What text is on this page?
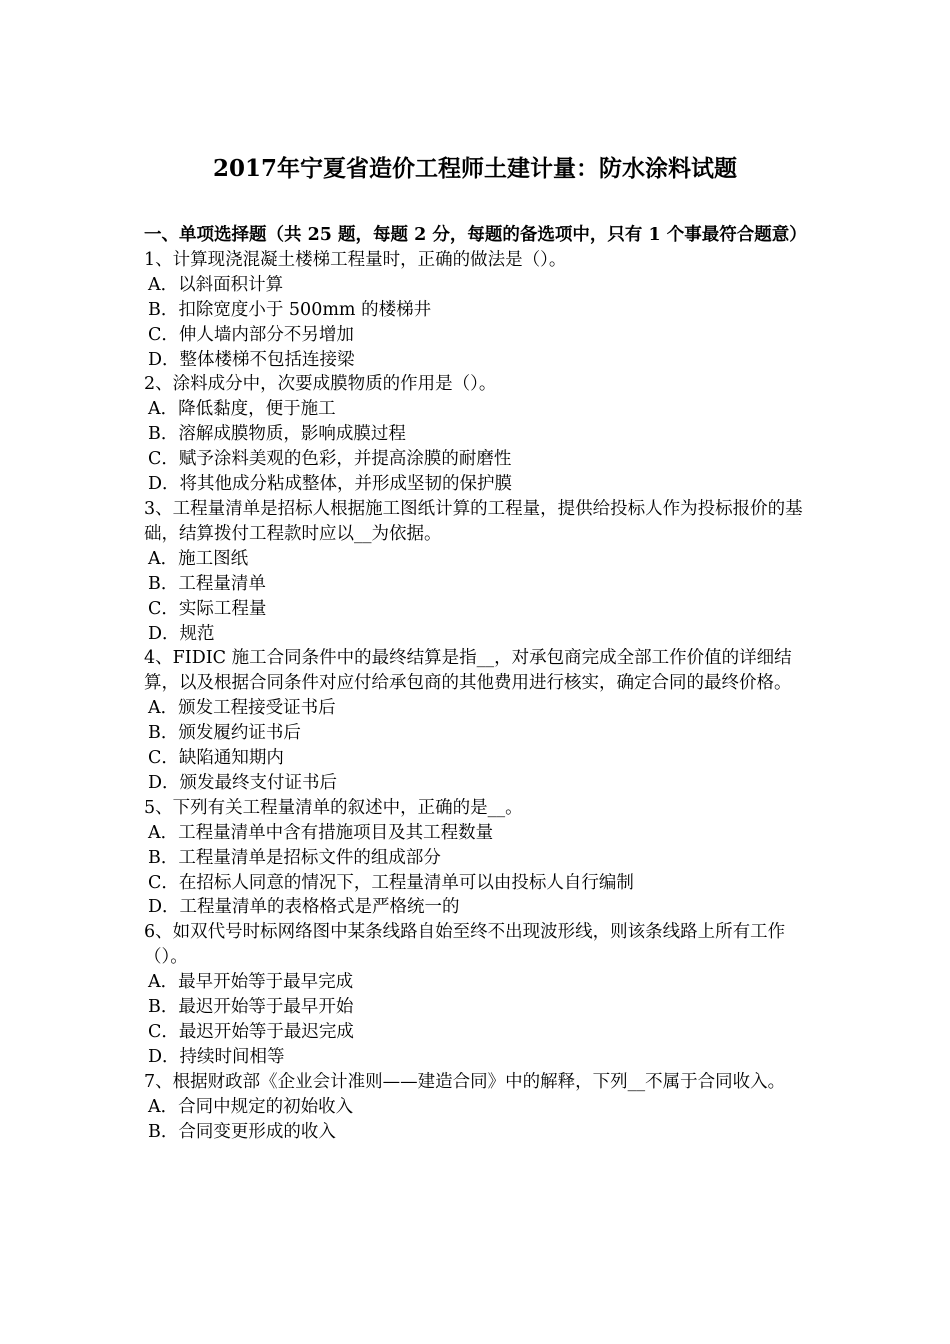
2017年宁夏省造价工程师土建计量：防水涂料试题

一、单项选择题（共 25 题，每题 2 分，每题的备选项中，只有 1 个事最符合题意）

1、计算现浇混凝土楼梯工程量时，正确的做法是（）。

A．以斜面积计算

B．扣除宽度小于 500mm 的楼梯井

C．伸人墙内部分不另增加

D．整体楼梯不包括连接梁

2、涂料成分中，次要成膜物质的作用是（）。

A．降低黏度，便于施工

B．溶解成膜物质，影响成膜过程

C．赋予涂料美观的色彩，并提高涂膜的耐磨性

D．将其他成分粘成整体，并形成坚韧的保护膜

3、工程量清单是招标人根据施工图纸计算的工程量，提供给投标人作为投标报价的基础，结算拨付工程款时应以__为依据。

A．施工图纸

B．工程量清单

C．实际工程量

D．规范

4、FIDIC 施工合同条件中的最终结算是指__，对承包商完成全部工作价值的详细结算，以及根据合同条件对应付给承包商的其他费用进行核实，确定合同的最终价格。

A．颁发工程接受证书后

B．颁发履约证书后

C．缺陷通知期内

D．颁发最终支付证书后

5、下列有关工程量清单的叙述中，正确的是__。

A．工程量清单中含有措施项目及其工程数量

B．工程量清单是招标文件的组成部分

C．在招标人同意的情况下，工程量清单可以由投标人自行编制

D．工程量清单的表格格式是严格统一的

6、如双代号时标网络图中某条线路自始至终不出现波形线，则该条线路上所有工作（）。

A．最早开始等于最早完成

B．最迟开始等于最早开始

C．最迟开始等于最迟完成

D．持续时间相等

7、根据财政部《企业会计准则——建造合同》中的解释，下列__不属于合同收入。

A．合同中规定的初始收入

B．合同变更形成的收入
